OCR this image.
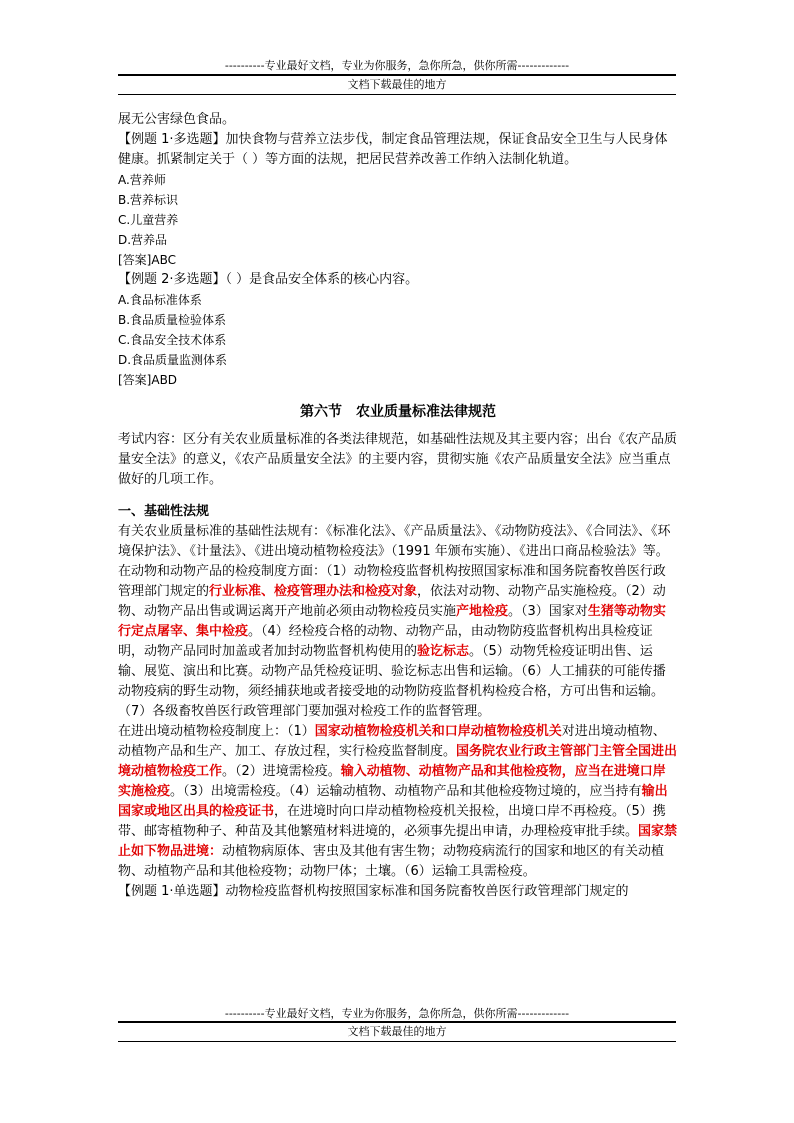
----------专业最好文档，专业为你服务，急你所急，供你所需-------------
文档下载最佳的地方

展无公害绿色食品。

【例题 1·多选题】加快食物与营养立法步伐，制定食品管理法规，保证食品安全卫生与人民身体健康。抓紧制定关于（ ）等方面的法规，把居民营养改善工作纳入法制化轨道。

A.营养师

B.营养标识

C.儿童营养

D.营养品

[答案]ABC

【例题 2·多选题】（ ）是食品安全体系的核心内容。

A.食品标准体系

B.食品质量检验体系

C.食品安全技术体系

D.食品质量监测体系

[答案]ABD

第六节　农业质量标准法律规范

考试内容：区分有关农业质量标准的各类法律规范，如基础性法规及其主要内容；出台《农产品质量安全法》的意义，《农产品质量安全法》的主要内容，贯彻实施《农产品质量安全法》应当重点做好的几项工作。

一、基础性法规

有关农业质量标准的基础性法规有：《标准化法》、《产品质量法》、《动物防疫法》、《合同法》、《环境保护法》、《计量法》、《进出境动植物检疫法》（1991 年颁布实施）、《进出口商品检验法》等。

在动物和动物产品的检疫制度方面：（1）动物检疫监督机构按照国家标准和国务院畜牧兽医行政管理部门规定的行业标准、检疫管理办法和检疫对象，依法对动物、动物产品实施检疫。（2）动物、动物产品出售或调运离开产地前必须由动物检疫员实施产地检疫。（3）国家对生猪等动物实行定点屠宰、集中检疫。（4）经检疫合格的动物、动物产品，由动物防疫监督机构出具检疫证明，动物产品同时加盖或者加封动物监督机构使用的验讫标志。（5）动物凭检疫证明出售、运输、展览、演出和比赛。动物产品凭检疫证明、验讫标志出售和运输。（6）人工捕获的可能传播动物疫病的野生动物，须经捕获地或者接受地的动物防疫监督机构检疫合格，方可出售和运输。（7）各级畜牧兽医行政管理部门要加强对检疫工作的监督管理。

在进出境动植物检疫制度上：（1）国家动植物检疫机关和口岸动植物检疫机关对进出境动植物、动植物产品和生产、加工、存放过程，实行检疫监督制度。国务院农业行政主管部门主管全国进出境动植物检疫工作。（2）进境需检疫。输入动植物、动植物产品和其他检疫物，应当在进境口岸实施检疫。（3）出境需检疫。（4）运输动植物、动植物产品和其他检疫物过境的，应当持有输出国家或地区出具的检疫证书，在进境时向口岸动植物检疫机关报检，出境口岸不再检疫。（5）携带、邮寄植物种子、种苗及其他繁殖材料进境的，必须事先提出申请，办理检疫审批手续。国家禁止如下物品进境：动植物病原体、害虫及其他有害生物；动物疫病流行的国家和地区的有关动植物、动植物产品和其他检疫物；动物尸体；土壤。（6）运输工具需检疫。

【例题 1·单选题】动物检疫监督机构按照国家标准和国务院畜牧兽医行政管理部门规定的

----------专业最好文档，专业为你服务，急你所急，供你所需-------------
文档下载最佳的地方
